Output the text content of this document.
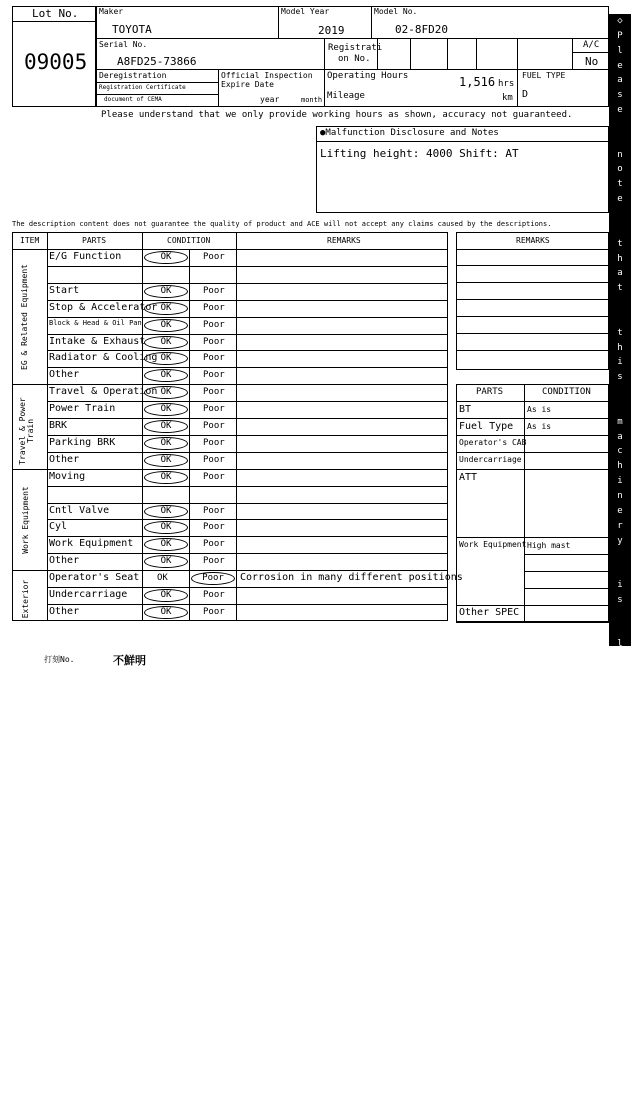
Lot No.
09005
Maker
TOYOTA
Model Year
2019
Model No.
02-8FD20
Serial No.
A8FD25-73866
Registrati
on No.
A/C
No
Deregistration
Registration Certificate
document of CEMA
Official Inspection
Expire Date
year	month
Operating Hours	1,516 hrs
Mileage	km
FUEL TYPE
D
Please understand that we only provide working hours as shown, accuracy not guaranteed.
●Malfunction Disclosure and Notes
Lifting height: 4000 Shift: AT
The description content does not guarantee the quality of product and ACE will not accept any claims caused by the descriptions.
ITEM	PARTS	CONDITION	REMARKS
EG & Related Equipment
Travel & Power
Train
Work Equipment
Exterior
REMARKS
PARTS	CONDITION
◇
P
l
e
a
s
e

n
o
t
e

t
h
a
t

t
h
i
s

m
a
c
h
i
n
e
r
y

i
s

l
o
c
a
t
e
d

i
n

F
o
r
k
l
i
f
t

P
a
r
k
i
n
g
◇
打刻No.	不鮮明
E/G Function	OK	Poor
Start	OK	Poor
Stop & Accelerator OK	Poor
Block & Head & Oil Pan	OK	Poor
Intake & Exhaust	OK	Poor
Radiator & Cooling OK	Poor
Other	OK	Poor
Travel & Operation OK	Poor
Power Train	OK	Poor
BRK	OK	Poor
Parking BRK	OK	Poor
Other	OK	Poor
Moving	OK	Poor
Cntl Valve	OK	Poor
Cyl	OK	Poor
Work Equipment	OK	Poor
Other	OK	Poor
Operator's Seat OK	Poor	Corrosion in many different positions
Undercarriage	OK	Poor
Other	OK	Poor
BT	As is
Fuel Type As is
Operator's CAB
Undercarriage
ATT
Work Equipment High mast
Other SPEC
